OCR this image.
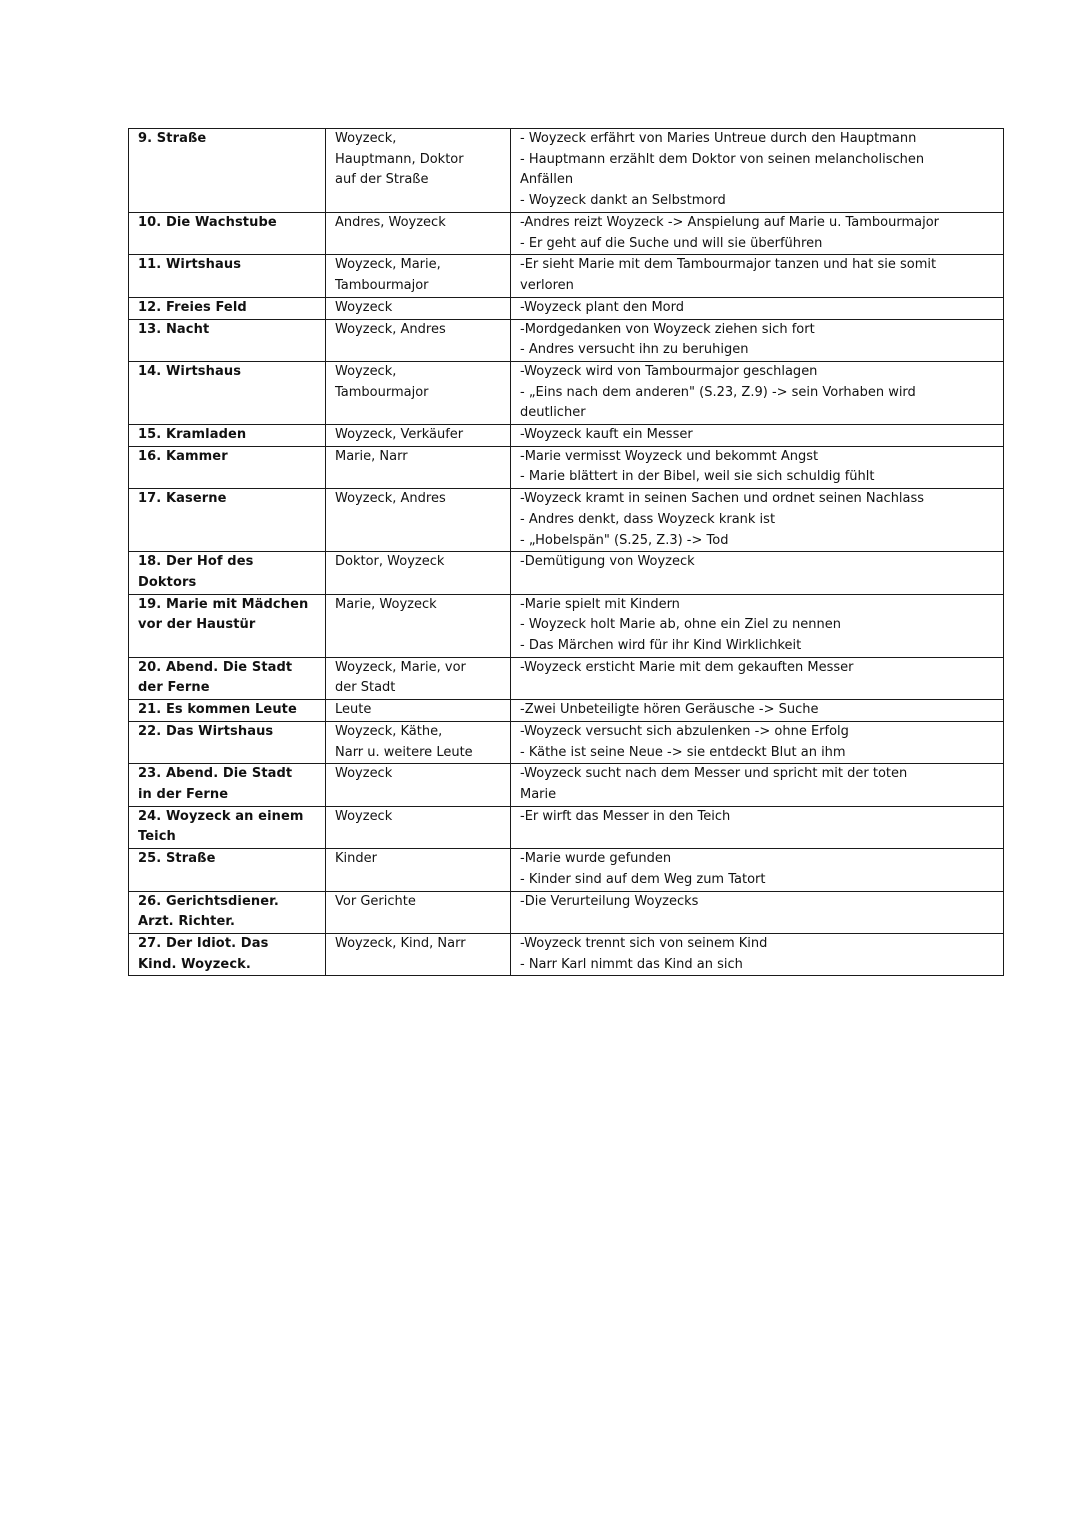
9. Straße	Woyzeck,
Hauptmann, Doktor
auf der Straße	- Woyzeck erfährt von Maries Untreue durch den Hauptmann
- Hauptmann erzählt dem Doktor von seinen melancholischen
Anfällen
- Woyzeck dankt an Selbstmord

10. Die Wachstube	Andres, Woyzeck	-Andres reizt Woyzeck -> Anspielung auf Marie u. Tambourmajor
- Er geht auf die Suche und will sie überführen

11. Wirtshaus	Woyzeck, Marie,
Tambourmajor	-Er sieht Marie mit dem Tambourmajor tanzen und hat sie somit
verloren

12. Freies Feld	Woyzeck	-Woyzeck plant den Mord

13. Nacht	Woyzeck, Andres	-Mordgedanken von Woyzeck ziehen sich fort
- Andres versucht ihn zu beruhigen

14. Wirtshaus	Woyzeck,
Tambourmajor	-Woyzeck wird von Tambourmajor geschlagen
- „Eins nach dem anderen" (S.23, Z.9) -> sein Vorhaben wird
deutlicher

15. Kramladen	Woyzeck, Verkäufer	-Woyzeck kauft ein Messer

16. Kammer	Marie, Narr	-Marie vermisst Woyzeck und bekommt Angst
- Marie blättert in der Bibel, weil sie sich schuldig fühlt

17. Kaserne	Woyzeck, Andres	-Woyzeck kramt in seinen Sachen und ordnet seinen Nachlass
- Andres denkt, dass Woyzeck krank ist
- „Hobelspän" (S.25, Z.3) -> Tod

18. Der Hof des
Doktors	Doktor, Woyzeck	-Demütigung von Woyzeck

19. Marie mit Mädchen
vor der Haustür	Marie, Woyzeck	-Marie spielt mit Kindern
- Woyzeck holt Marie ab, ohne ein Ziel zu nennen
- Das Märchen wird für ihr Kind Wirklichkeit

20. Abend. Die Stadt
der Ferne	Woyzeck, Marie, vor
der Stadt	-Woyzeck ersticht Marie mit dem gekauften Messer

21. Es kommen Leute	Leute	-Zwei Unbeteiligte hören Geräusche -> Suche

22. Das Wirtshaus	Woyzeck, Käthe,
Narr u. weitere Leute	-Woyzeck versucht sich abzulenken -> ohne Erfolg
- Käthe ist seine Neue -> sie entdeckt Blut an ihm

23. Abend. Die Stadt
in der Ferne	Woyzeck	-Woyzeck sucht nach dem Messer und spricht mit der toten
Marie

24. Woyzeck an einem
Teich	Woyzeck	-Er wirft das Messer in den Teich

25. Straße	Kinder	-Marie wurde gefunden
- Kinder sind auf dem Weg zum Tatort

26. Gerichtsdiener.
Arzt. Richter.	Vor Gerichte	-Die Verurteilung Woyzecks

27. Der Idiot. Das
Kind. Woyzeck.	Woyzeck, Kind, Narr	-Woyzeck trennt sich von seinem Kind
- Narr Karl nimmt das Kind an sich
